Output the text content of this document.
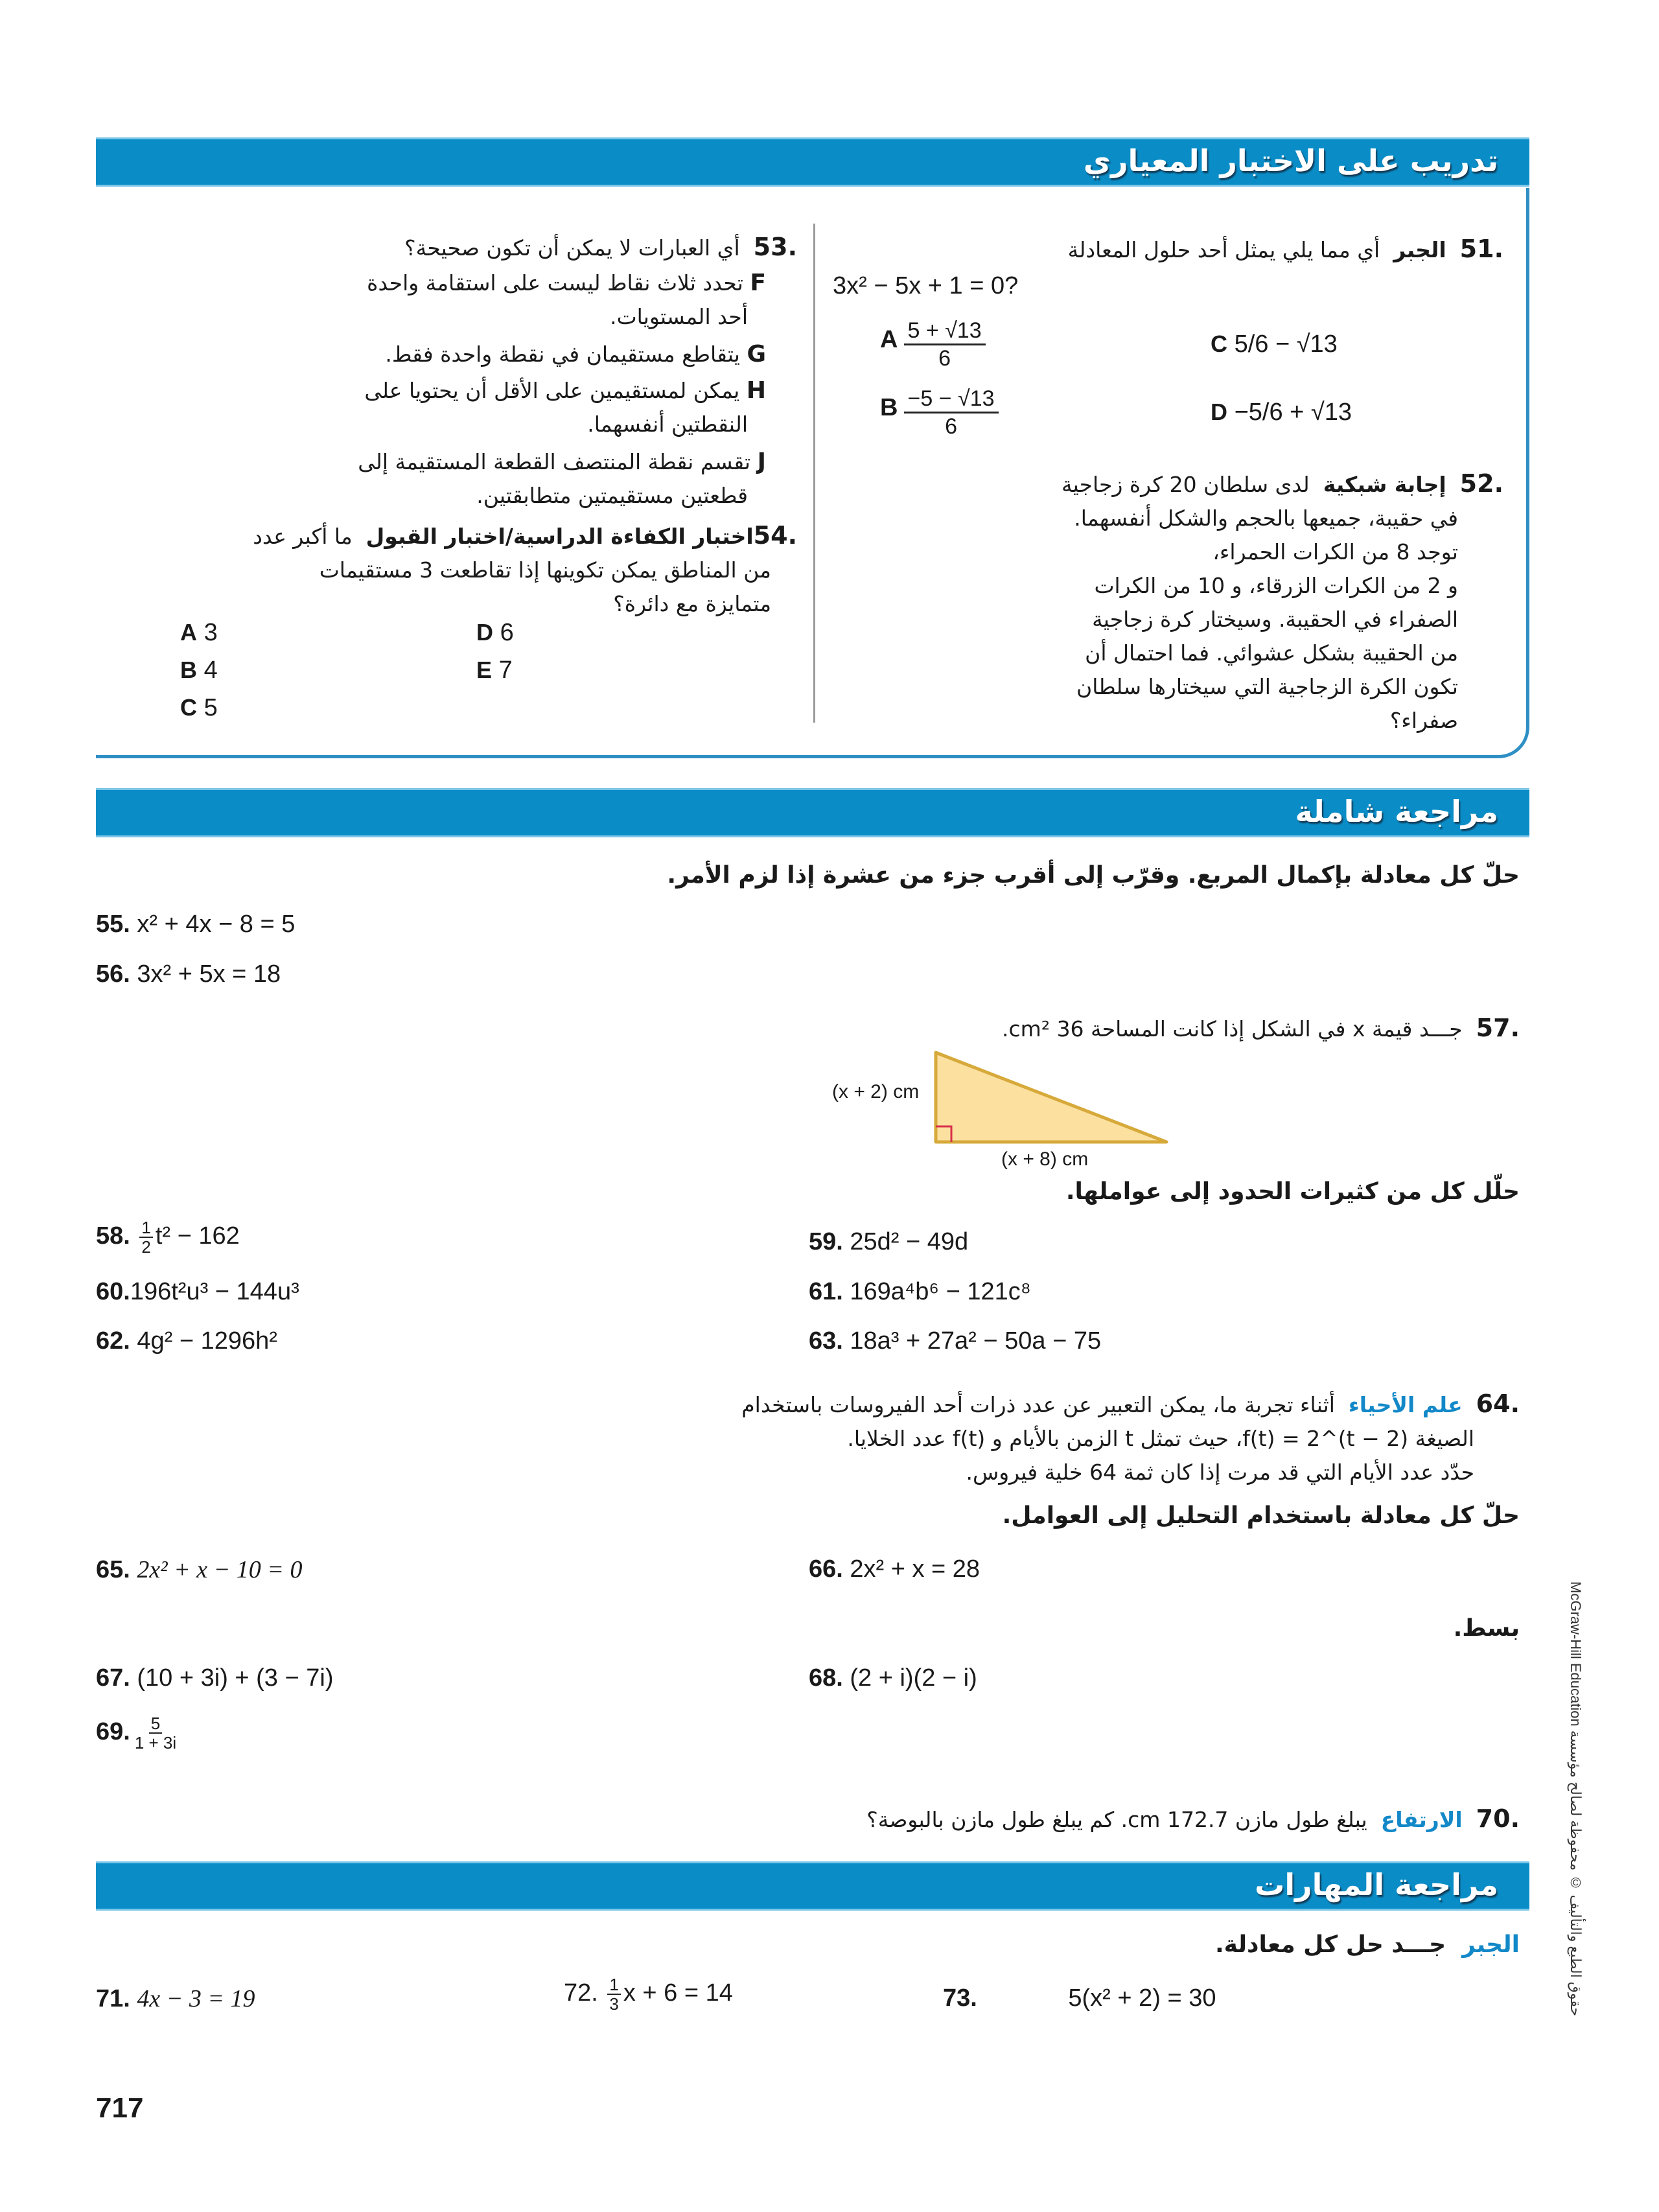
تدريب على الاختبار المعياري
.51  الجبر  أي مما يلي يمثل أحد حلول المعادلة
3x² − 5x + 1 = 0?
A $\frac{5 + √13}{6}$
B $\frac{-5 - √13}{6}$
C 5/6 − √13
D −5/6 + √13
.52  إجابة شبكية  لدى سلطان 20 كرة زجاجية
في حقيبة، جميعها بالحجم والشكل أنفسهما.
توجد 8 من الكرات الحمراء،
و 2 من الكرات الزرقاء، و 10 من الكرات
الصفراء في الحقيبة. وسيختار كرة زجاجية
من الحقيبة بشكل عشوائي. فما احتمال أن
تكون الكرة الزجاجية التي سيختارها سلطان
صفراء؟
.53  أي العبارات لا يمكن أن تكون صحيحة؟
F تحدد ثلاث نقاط ليست على استقامة واحدة
أحد المستويات.
G يتقاطع مستقيمان في نقطة واحدة فقط.
H يمكن لمستقيمين على الأقل أن يحتويا على
النقطتين أنفسهما.
J تقسم نقطة المنتصف القطعة المستقيمة إلى
قطعتين مستقيمتين متطابقتين.
.54اختبار الكفاءة الدراسية/اختبار القبول  ما أكبر عدد
من المناطق يمكن تكوينها إذا تقاطعت 3 مستقيمات
متمايزة مع دائرة؟
A 3
B 4
C 5
D 6
E 7
مراجعة شاملة
حلّ كل معادلة بإكمال المربع. وقرّب إلى أقرب جزء من عشرة إذا لزم الأمر.
55. x² + 4x − 8 = 5
56. 3x² + 5x = 18
.57  جـــد قيمة x في الشكل إذا كانت المساحة 36 cm².
(x + 2) cm
(x + 8) cm
حلّل كل من كثيرات الحدود إلى عواملها.
58. $\frac{1}{2} t^2 - 162$	59. 25d² − 49d
60.196t²u³ − 144u³	61. 169a⁴b⁶ − 121c⁸
62. 4g² − 1296h²	63. 18a³ + 27a² − 50a − 75
.64  علم الأحياء  أثناء تجربة ما، يمكن التعبير عن عدد ذرات أحد الفيروسات باستخدام
الصيغة f(t) = 2^(t − 2)، حيث تمثل t الزمن بالأيام و f(t) عدد الخلايا.
حدّد عدد الأيام التي قد مرت إذا كان ثمة 64 خلية فيروس.
حلّ كل معادلة باستخدام التحليل إلى العوامل.
65. 2x² + x − 10 = 0	66. 2x² + x = 28
بسط.
67. (10 + 3i) + (3 − 7i)	68. (2 + i)(2 − i)
69. $\frac{5}{1 + 3i}$
.70  الارتفاع  يبلغ طول مازن 172.7 cm. كم يبلغ طول مازن بالبوصة؟
مراجعة المهارات
الجبر  جـــد حل كل معادلة.
71. 4x − 3 = 19	72. $\frac{1}{3}$ x + 6 = 14	73.	5(x² + 2) = 30
717
McGraw-Hill Education حقوق الطبع والتأليف © محفوظة لصالح مؤسسة
